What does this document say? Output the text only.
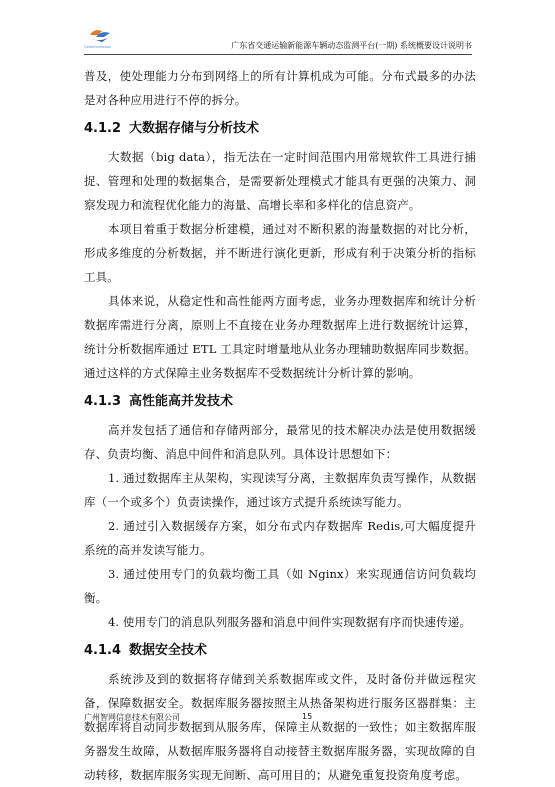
GeoInformation	广东省交通运输新能源车辆动态监测平台(一期) 系统概要设计说明书

普及，使处理能力分布到网络上的所有计算机成为可能。分布式最多的办法是对各种应用进行不停的拆分。

4.1.2 大数据存储与分析技术

大数据（big data），指无法在一定时间范围内用常规软件工具进行捕捉、管理和处理的数据集合，是需要新处理模式才能具有更强的决策力、洞察发现力和流程优化能力的海量、高增长率和多样化的信息资产。

本项目着重于数据分析建模，通过对不断积累的海量数据的对比分析，形成多维度的分析数据，并不断进行演化更新，形成有利于决策分析的指标工具。

具体来说，从稳定性和高性能两方面考虑，业务办理数据库和统计分析数据库需进行分离，原则上不直接在业务办理数据库上进行数据统计运算，统计分析数据库通过 ETL 工具定时增量地从业务办理辅助数据库同步数据。通过这样的方式保障主业务数据库不受数据统计分析计算的影响。

4.1.3 高性能高并发技术

高并发包括了通信和存储两部分，最常见的技术解决办法是使用数据缓存、负责均衡、消息中间件和消息队列。具体设计思想如下：

1. 通过数据库主从架构，实现读写分离，主数据库负责写操作，从数据库（一个或多个）负责读操作，通过该方式提升系统读写能力。

2. 通过引入数据缓存方案，如分布式内存数据库 Redis,可大幅度提升系统的高并发读写能力。

3. 通过使用专门的负载均衡工具（如 Nginx）来实现通信访问负载均衡。

4. 使用专门的消息队列服务器和消息中间件实现数据有序而快速传递。

4.1.4 数据安全技术

系统涉及到的数据将存储到关系数据库或文件，及时备份并做远程灾备，保障数据安全。数据库服务器按照主从热备架构进行服务区器群集：主数据库将自动同步数据到从服务库，保障主从数据的一致性；如主数据库服务器发生故障，从数据库服务器将自动接替主数据库服务器，实现故障的自动转移，数据库服务实现无间断、高可用目的；从避免重复投资角度考虑。

广州智网信息技术有限公司	15
